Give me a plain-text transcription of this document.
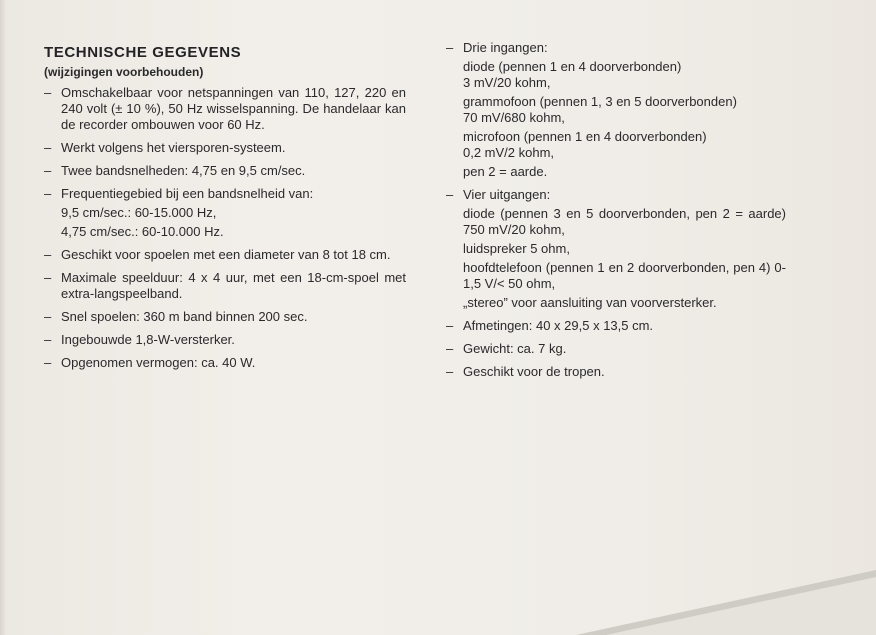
TECHNISCHE GEGEVENS
(wijzigingen voorbehouden)
– Omschakelbaar voor netspanningen van 110, 127, 220 en 240 volt (± 10 %), 50 Hz wisselspanning. De handelaar kan de recorder ombouwen voor 60 Hz.
– Werkt volgens het viersporen-systeem.
– Twee bandsnelheden: 4,75 en 9,5 cm/sec.
– Frequentiegebied bij een bandsnelheid van:
9,5 cm/sec.: 60-15.000 Hz,
4,75 cm/sec.: 60-10.000 Hz.
– Geschikt voor spoelen met een diameter van 8 tot 18 cm.
– Maximale speelduur: 4 x 4 uur, met een 18-cm-spoel met extra-langspeelband.
– Snel spoelen: 360 m band binnen 200 sec.
– Ingebouwde 1,8-W-versterker.
– Opgenomen vermogen: ca. 40 W.
– Drie ingangen:
diode (pennen 1 en 4 doorverbonden)
3 mV/20 kohm,
grammofoon (pennen 1, 3 en 5 doorverbonden)
70 mV/680 kohm,
microfoon (pennen 1 en 4 doorverbonden)
0,2 mV/2 kohm,
pen 2 = aarde.
– Vier uitgangen:
diode (pennen 3 en 5 doorverbonden, pen 2 = aarde) 750 mV/20 kohm,
luidspreker 5 ohm,
hoofdtelefoon (pennen 1 en 2 doorverbonden, pen 4) 0-1,5 V/< 50 ohm,
„stereo” voor aansluiting van voorversterker.
– Afmetingen: 40 x 29,5 x 13,5 cm.
– Gewicht: ca. 7 kg.
– Geschikt voor de tropen.
